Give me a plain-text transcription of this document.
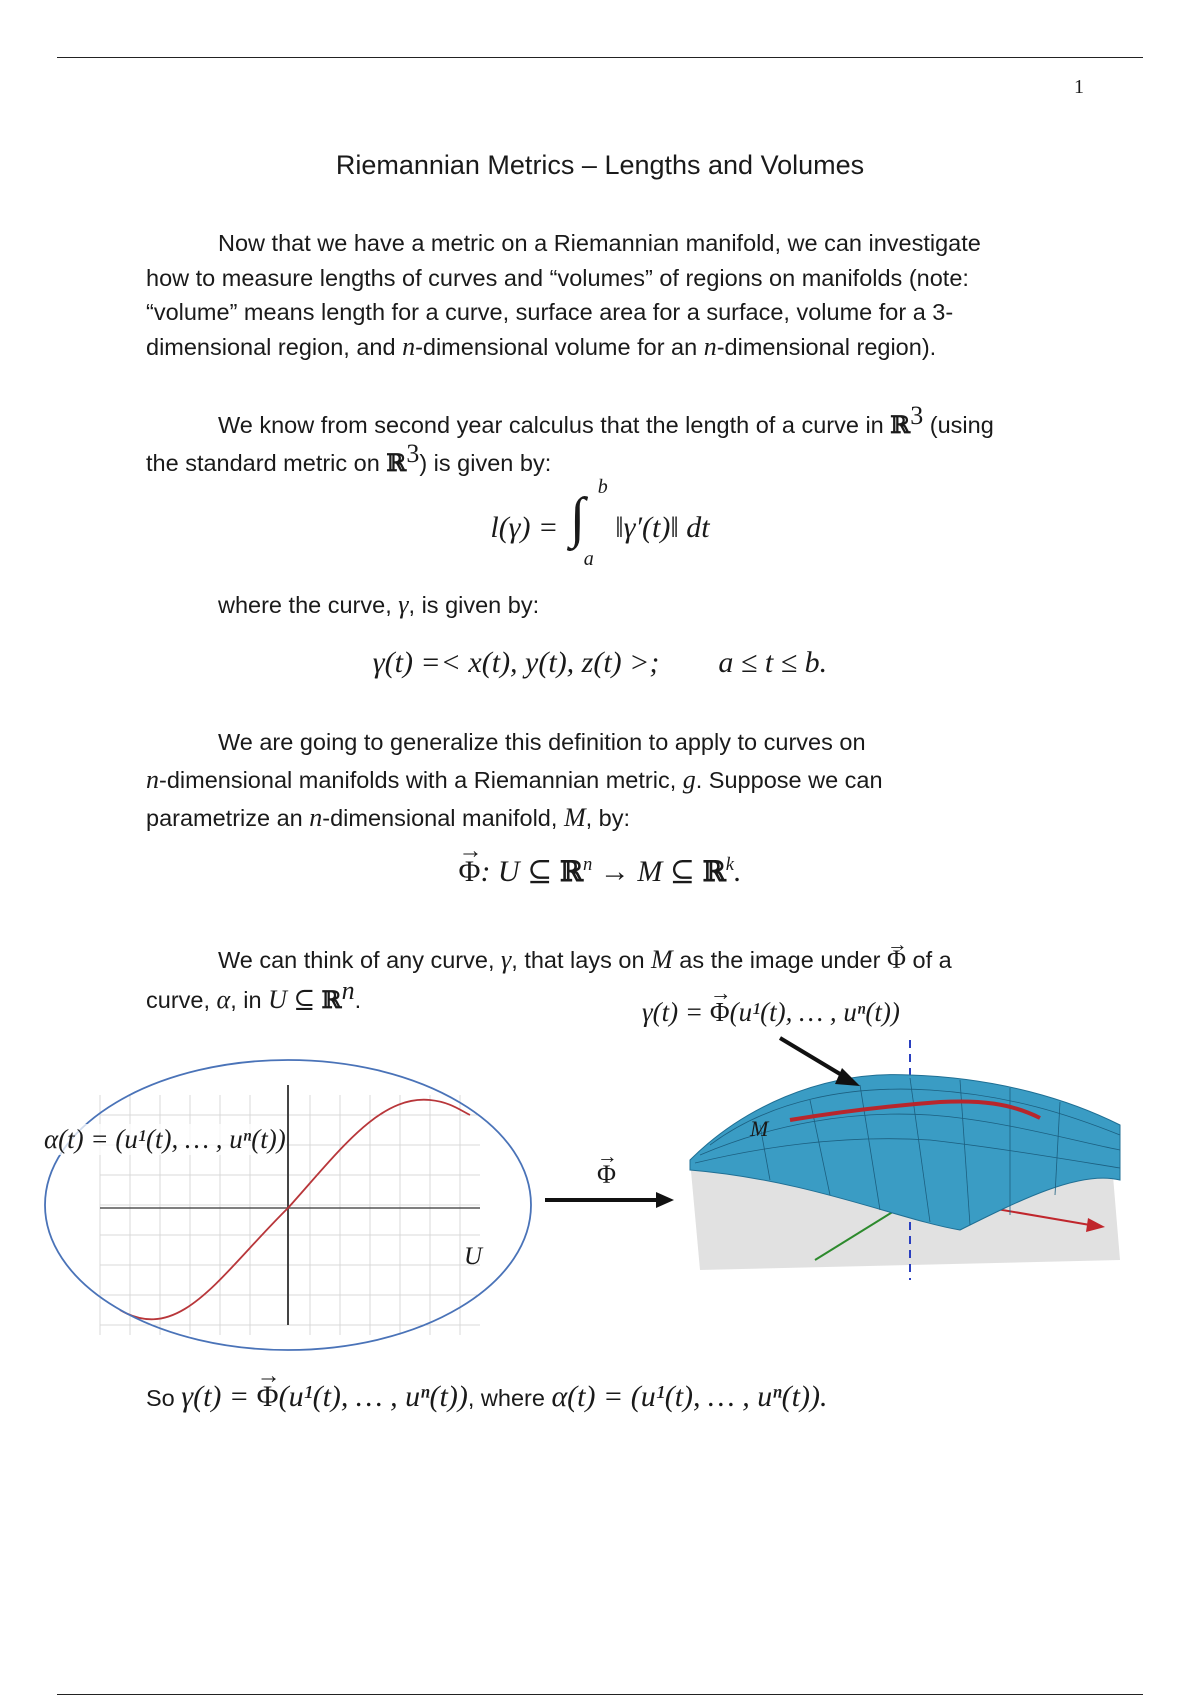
1
Riemannian Metrics – Lengths and Volumes
Now that we have a metric on a Riemannian manifold, we can investigate
how to measure lengths of curves and “volumes” of regions on manifolds (note:
“volume” means length for a curve, surface area for a surface, volume for a 3-
dimensional region, and n-dimensional volume for an n-dimensional region).
We know from second year calculus that the length of a curve in ℝ$^3$ (using
the standard metric on ℝ$^3$) is given by:
l(γ) = ∫ b
a
‖γ′(t)‖ dt
where the curve, γ, is given by:
γ(t) =< x(t), y(t), z(t) >; a ≤ t ≤ b.
We are going to generalize this definition to apply to curves on
n-dimensional manifolds with a Riemannian metric, g. Suppose we can
parametrize an n-dimensional manifold, M, by:
→ Φ: U ⊆ ℝ$^n$ → M ⊆ ℝ$^k$.
We can think of any curve, γ, that lays on M as the image under → Φ of a
curve, α, in U ⊆ ℝ$^n$.
α(t) = (u¹(t), … , uⁿ(t))
U
→ Φ
M
γ(t) = → Φ(u¹(t), … , uⁿ(t))
So γ(t) = → Φ(u¹(t), … , uⁿ(t)), where α(t) = (u¹(t), … , uⁿ(t)).
